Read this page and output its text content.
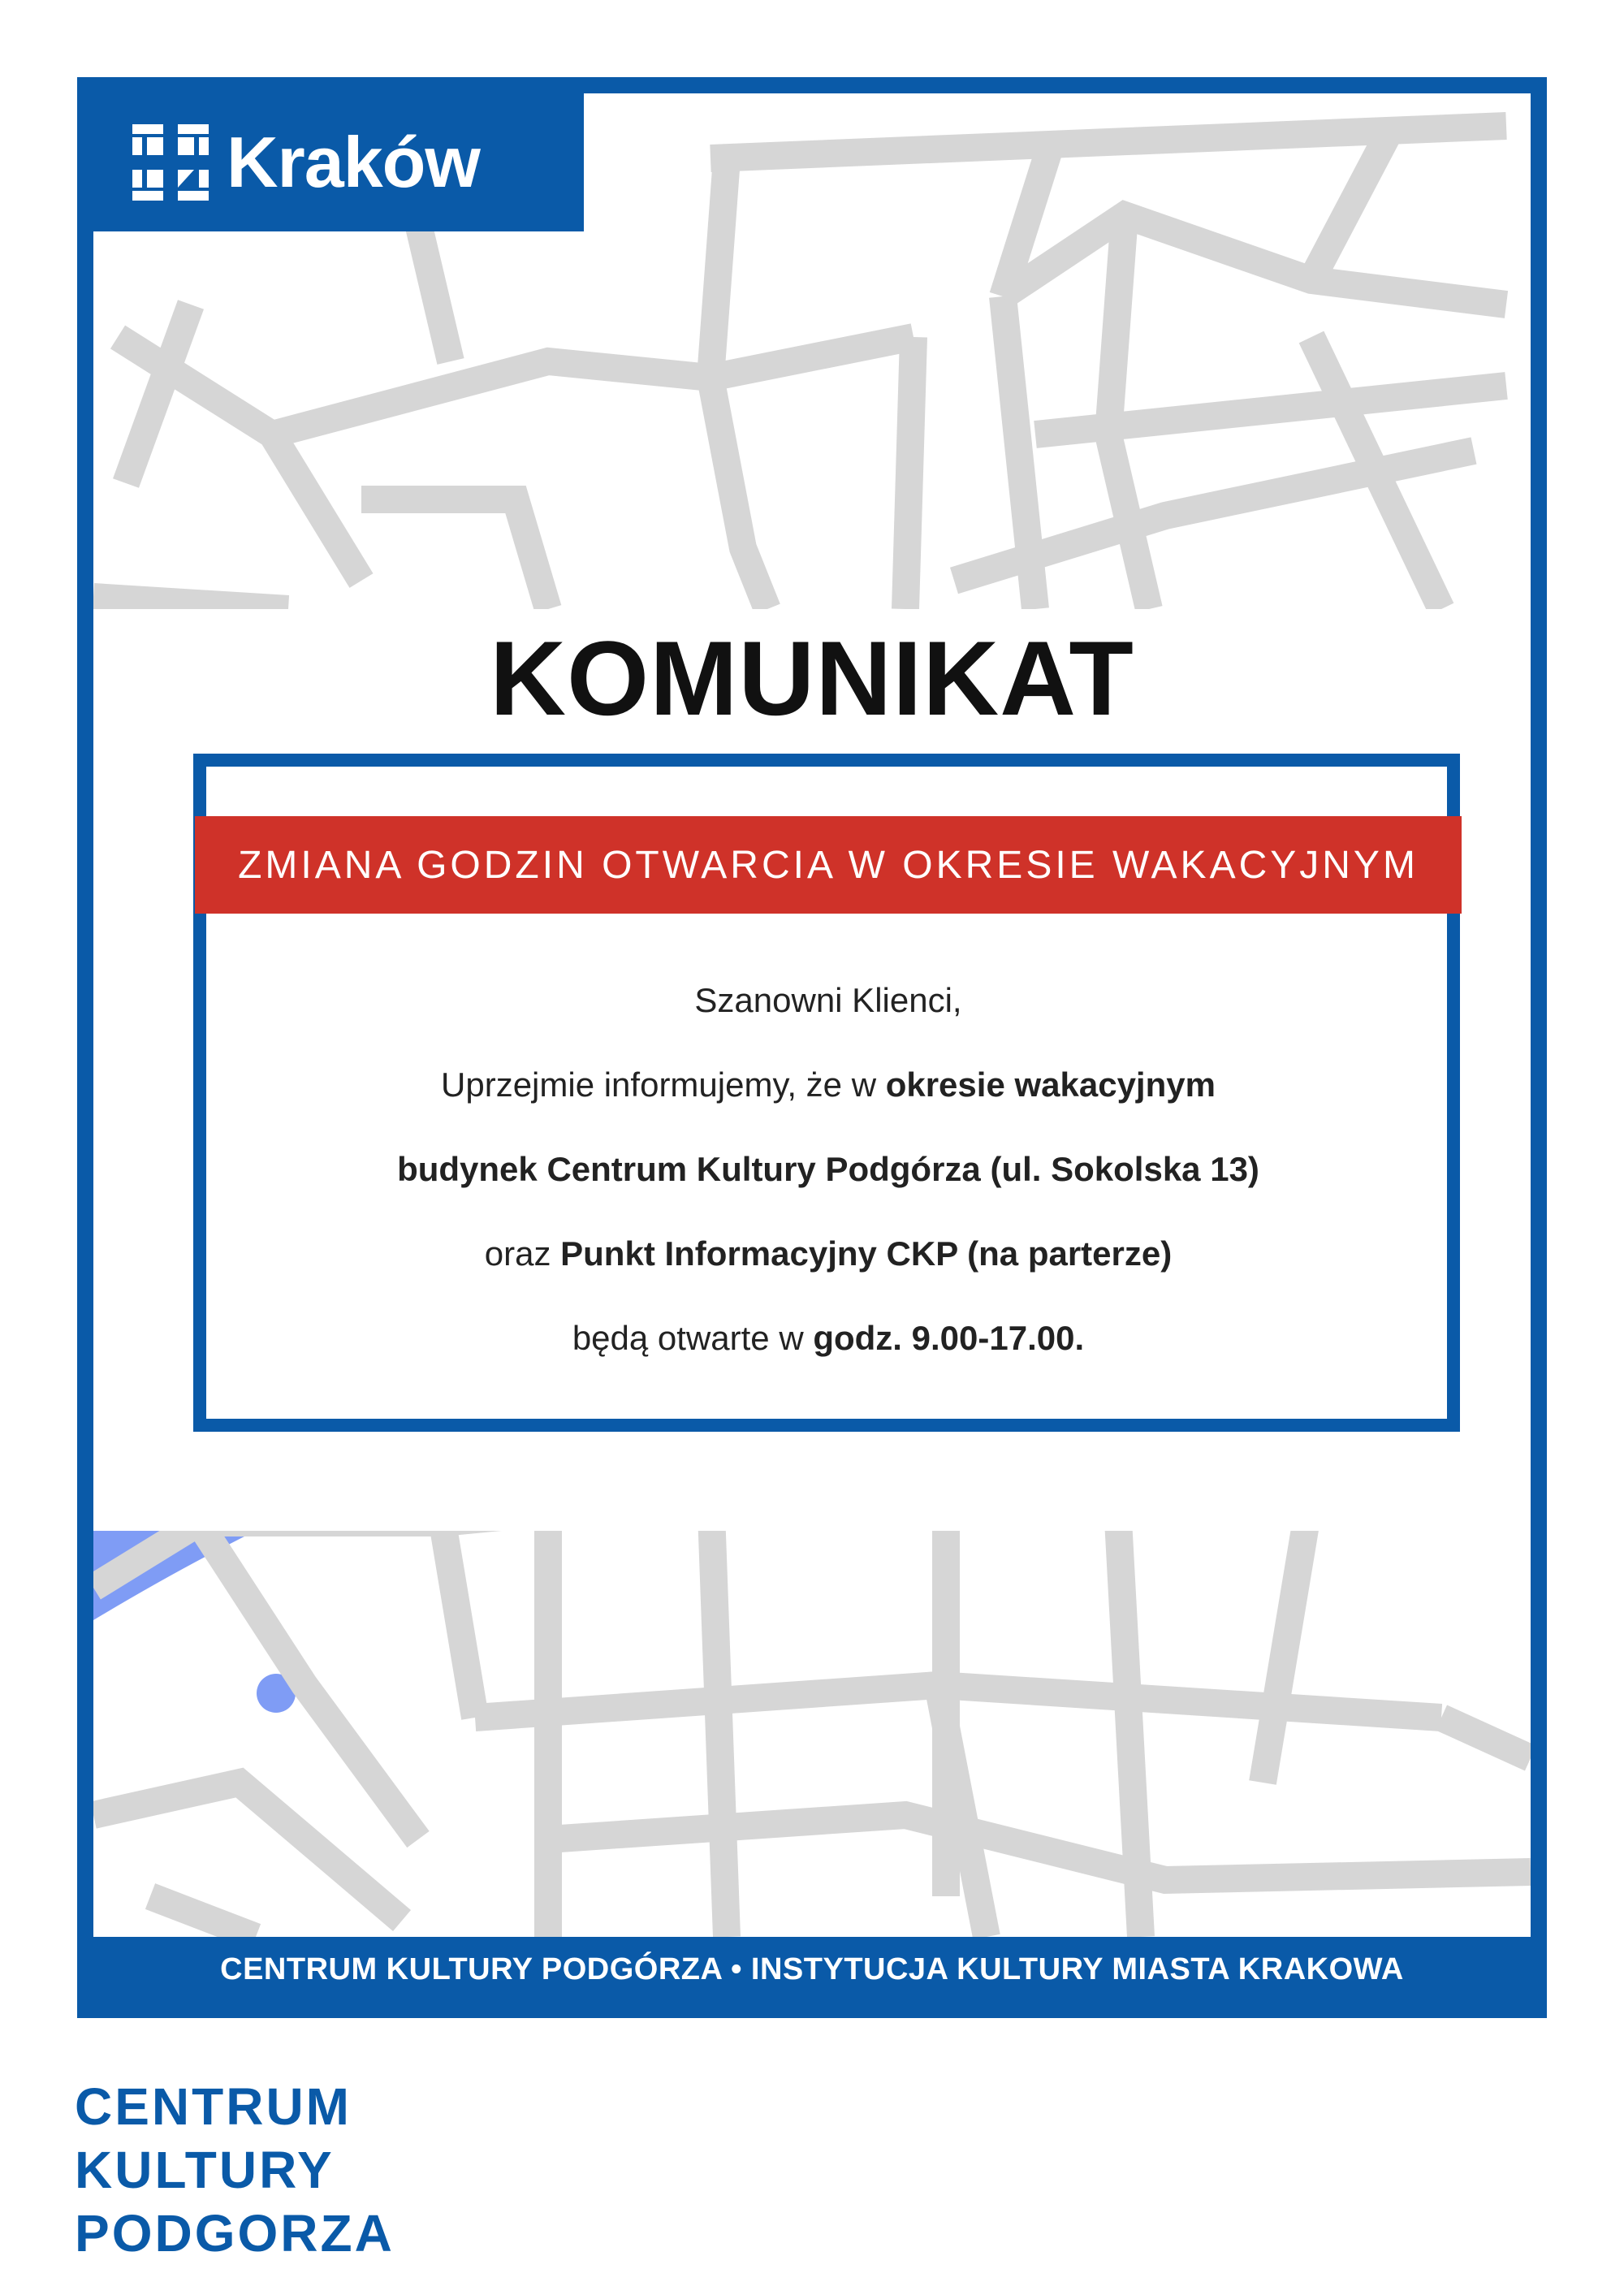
Kraków
KOMUNIKAT
ZMIANA GODZIN OTWARCIA W OKRESIE WAKACYJNYM
Szanowni Klienci,
Uprzejmie informujemy, że w okresie wakacyjnym
budynek Centrum Kultury Podgórza (ul. Sokolska 13)
oraz Punkt Informacyjny CKP (na parterze)
będą otwarte w godz. 9.00-17.00.
CENTRUM KULTURY PODGÓRZA • INSTYTUCJA KULTURY MIASTA KRAKOWA
CENTRUM
KULTURY
PODGORZA
